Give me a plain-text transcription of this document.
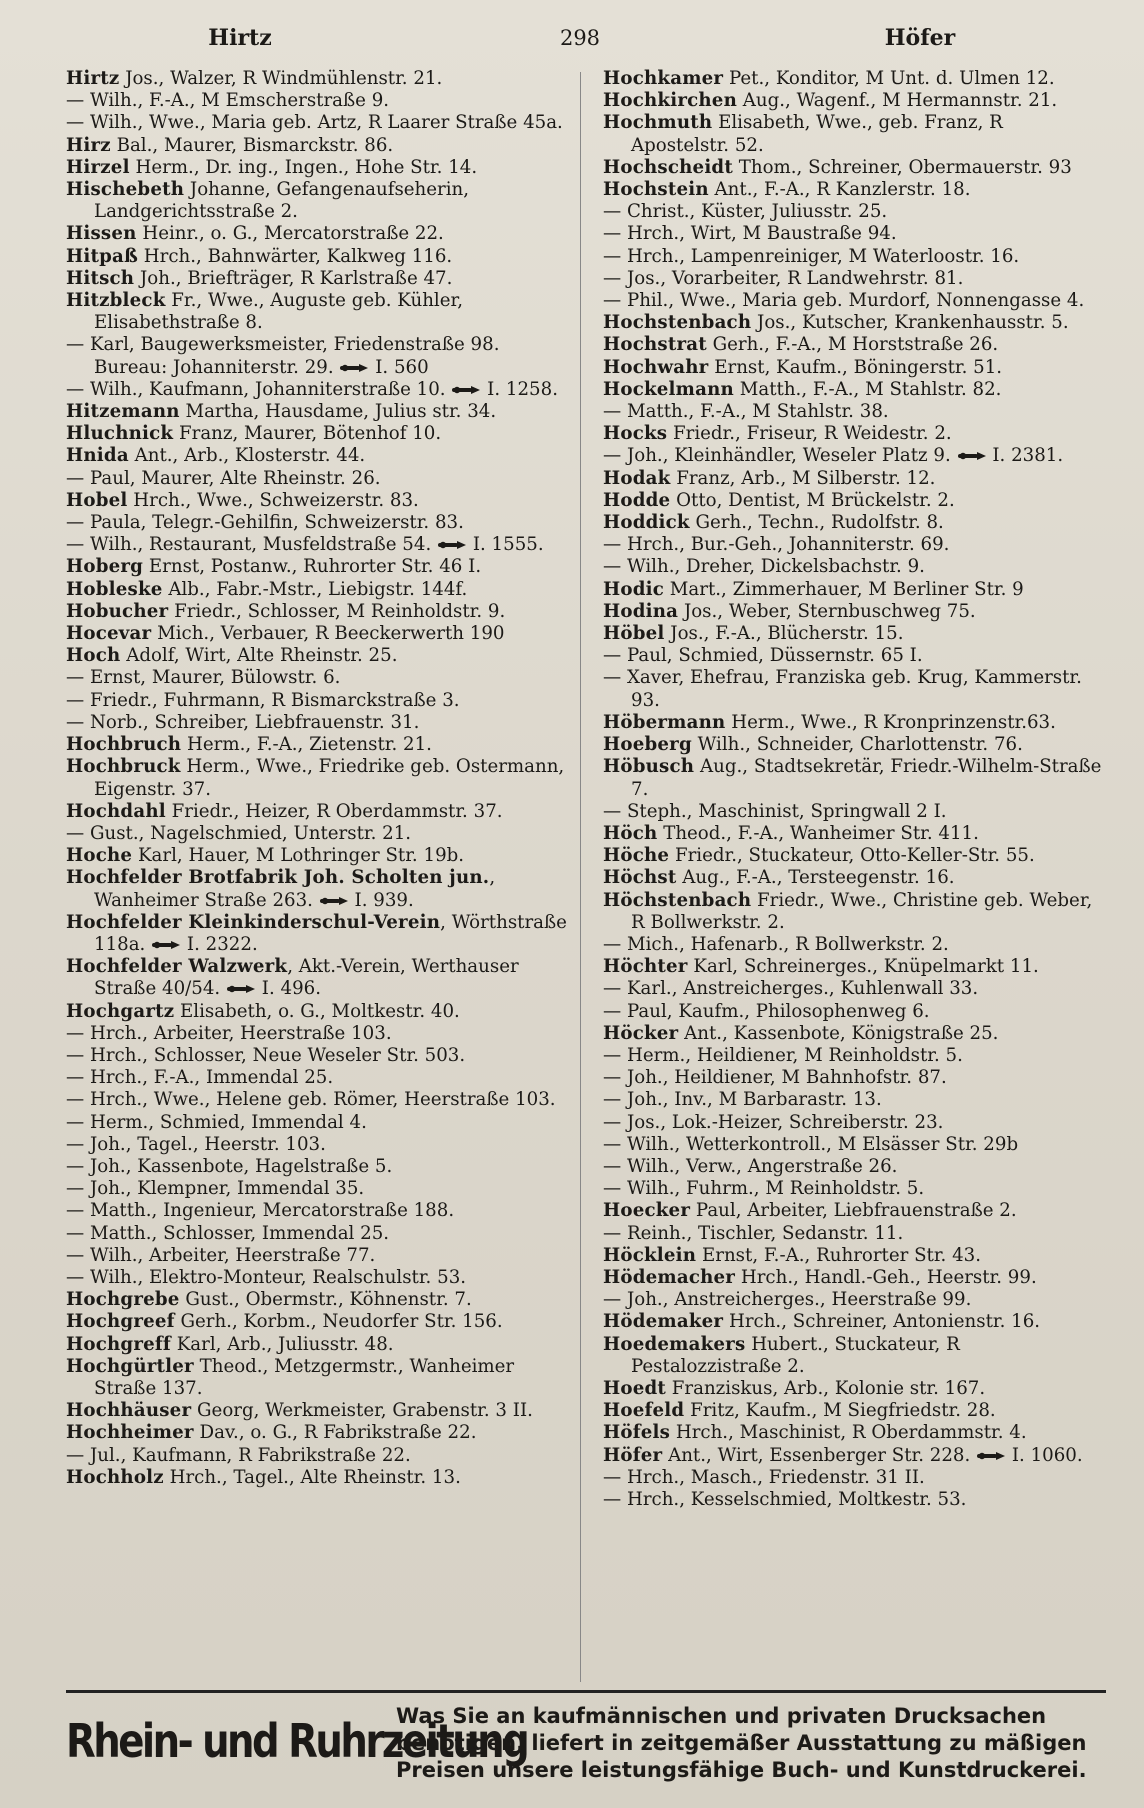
Hirtz	298	Höfer

Hirtz Jos., Walzer, R Windmühlenstr. 21.

— Wilh., F.-A., M Emscherstraße 9.

— Wilh., Wwe., Maria geb. Artz, R Laarer Straße 45a.

Hirz Bal., Maurer, Bismarckstr. 86.

Hirzel Herm., Dr. ing., Ingen., Hohe Str. 14.

Hischebeth Johanne, Gefangenaufseherin, Landgerichtsstraße 2.

Hissen Heinr., o. G., Mercatorstraße 22.

Hitpaß Hrch., Bahnwärter, Kalkweg 116.

Hitsch Joh., Briefträger, R Karlstraße 47.

Hitzbleck Fr., Wwe., Auguste geb. Kühler, Elisabethstraße 8.

— Karl, Baugewerksmeister, Friedenstraße 98. Bureau: Johanniterstr. 29.
I. 560

— Wilh., Kaufmann, Johanniterstraße 10.
I. 1258.

Hitzemann Martha, Hausdame, Julius str. 34.

Hluchnick Franz, Maurer, Bötenhof 10.

Hnida Ant., Arb., Klosterstr. 44.

— Paul, Maurer, Alte Rheinstr. 26.

Hobel Hrch., Wwe., Schweizerstr. 83.

— Paula, Telegr.-Gehilfin, Schweizerstr. 83.

— Wilh., Restaurant, Musfeldstraße 54.
I. 1555.

Hoberg Ernst, Postanw., Ruhrorter Str. 46 I.

Hobleske Alb., Fabr.-Mstr., Liebigstr. 144f.

Hobucher Friedr., Schlosser, M Reinholdstr. 9.

Hocevar Mich., Verbauer, R Beeckerwerth 190

Hoch Adolf, Wirt, Alte Rheinstr. 25.

— Ernst, Maurer, Bülowstr. 6.

— Friedr., Fuhrmann, R Bismarckstraße 3.

— Norb., Schreiber, Liebfrauenstr. 31.

Hochbruch Herm., F.-A., Zietenstr. 21.

Hochbruck Herm., Wwe., Friedrike geb. Ostermann, Eigenstr. 37.

Hochdahl Friedr., Heizer, R Oberdammstr. 37.

— Gust., Nagelschmied, Unterstr. 21.

Hoche Karl, Hauer, M Lothringer Str. 19b.

Hochfelder Brotfabrik Joh. Scholten jun., Wanheimer Straße 263.
I. 939.

Hochfelder Kleinkinderschul-Verein, Wörthstraße 118a.
I. 2322.

Hochfelder Walzwerk, Akt.-Verein, Werthauser Straße 40/54.
I. 496.

Hochgartz Elisabeth, o. G., Moltkestr. 40.

— Hrch., Arbeiter, Heerstraße 103.

— Hrch., Schlosser, Neue Weseler Str. 503.

— Hrch., F.-A., Immendal 25.

— Hrch., Wwe., Helene geb. Römer, Heerstraße 103.

— Herm., Schmied, Immendal 4.

— Joh., Tagel., Heerstr. 103.

— Joh., Kassenbote, Hagelstraße 5.

— Joh., Klempner, Immendal 35.

— Matth., Ingenieur, Mercatorstraße 188.

— Matth., Schlosser, Immendal 25.

— Wilh., Arbeiter, Heerstraße 77.

— Wilh., Elektro-Monteur, Realschulstr. 53.

Hochgrebe Gust., Obermstr., Köhnenstr. 7.

Hochgreef Gerh., Korbm., Neudorfer Str. 156.

Hochgreff Karl, Arb., Juliusstr. 48.

Hochgürtler Theod., Metzgermstr., Wanheimer Straße 137.

Hochhäuser Georg, Werkmeister, Grabenstr. 3 II.

Hochheimer Dav., o. G., R Fabrikstraße 22.

— Jul., Kaufmann, R Fabrikstraße 22.

Hochholz Hrch., Tagel., Alte Rheinstr. 13.

Hochkamer Pet., Konditor, M Unt. d. Ulmen 12.

Hochkirchen Aug., Wagenf., M Hermannstr. 21.

Hochmuth Elisabeth, Wwe., geb. Franz, R Apostelstr. 52.

Hochscheidt Thom., Schreiner, Obermauerstr. 93

Hochstein Ant., F.-A., R Kanzlerstr. 18.

— Christ., Küster, Juliusstr. 25.

— Hrch., Wirt, M Baustraße 94.

— Hrch., Lampenreiniger, M Waterloostr. 16.

— Jos., Vorarbeiter, R Landwehrstr. 81.

— Phil., Wwe., Maria geb. Murdorf, Nonnengasse 4.

Hochstenbach Jos., Kutscher, Krankenhausstr. 5.

Hochstrat Gerh., F.-A., M Horststraße 26.

Hochwahr Ernst, Kaufm., Böningerstr. 51.

Hockelmann Matth., F.-A., M Stahlstr. 82.

— Matth., F.-A., M Stahlstr. 38.

Hocks Friedr., Friseur, R Weidestr. 2.

— Joh., Kleinhändler, Weseler Platz 9.
I. 2381.

Hodak Franz, Arb., M Silberstr. 12.

Hodde Otto, Dentist, M Brückelstr. 2.

Hoddick Gerh., Techn., Rudolfstr. 8.

— Hrch., Bur.-Geh., Johanniterstr. 69.

— Wilh., Dreher, Dickelsbachstr. 9.

Hodic Mart., Zimmerhauer, M Berliner Str. 9

Hodina Jos., Weber, Sternbuschweg 75.

Höbel Jos., F.-A., Blücherstr. 15.

— Paul, Schmied, Düssernstr. 65 I.

— Xaver, Ehefrau, Franziska geb. Krug, Kammerstr. 93.

Höbermann Herm., Wwe., R Kronprinzenstr.63.

Hoeberg Wilh., Schneider, Charlottenstr. 76.

Höbusch Aug., Stadtsekretär, Friedr.-Wilhelm-Straße 7.

— Steph., Maschinist, Springwall 2 I.

Höch Theod., F.-A., Wanheimer Str. 411.

Höche Friedr., Stuckateur, Otto-Keller-Str. 55.

Höchst Aug., F.-A., Tersteegenstr. 16.

Höchstenbach Friedr., Wwe., Christine geb. Weber, R Bollwerkstr. 2.

— Mich., Hafenarb., R Bollwerkstr. 2.

Höchter Karl, Schreinerges., Knüpelmarkt 11.

— Karl., Anstreicherges., Kuhlenwall 33.

— Paul, Kaufm., Philosophenweg 6.

Höcker Ant., Kassenbote, Königstraße 25.

— Herm., Heildiener, M Reinholdstr. 5.

— Joh., Heildiener, M Bahnhofstr. 87.

— Joh., Inv., M Barbarastr. 13.

— Jos., Lok.-Heizer, Schreiberstr. 23.

— Wilh., Wetterkontroll., M Elsässer Str. 29b

— Wilh., Verw., Angerstraße 26.

— Wilh., Fuhrm., M Reinholdstr. 5.

Hoecker Paul, Arbeiter, Liebfrauenstraße 2.

— Reinh., Tischler, Sedanstr. 11.

Höcklein Ernst, F.-A., Ruhrorter Str. 43.

Hödemacher Hrch., Handl.-Geh., Heerstr. 99.

— Joh., Anstreicherges., Heerstraße 99.

Hödemaker Hrch., Schreiner, Antonienstr. 16.

Hoedemakers Hubert., Stuckateur, R Pestalozzistraße 2.

Hoedt Franziskus, Arb., Kolonie str. 167.

Hoefeld Fritz, Kaufm., M Siegfriedstr. 28.

Höfels Hrch., Maschinist, R Oberdammstr. 4.

Höfer Ant., Wirt, Essenberger Str. 228.
I. 1060.

— Hrch., Masch., Friedenstr. 31 II.

— Hrch., Kesselschmied, Moltkestr. 53.

Rhein- und Ruhrzeitung
Was Sie an kaufmännischen und privaten Drucksachen benötigen, liefert in zeitgemäßer Ausstattung zu mäßigen Preisen unsere leistungsfähige Buch- und Kunstdruckerei.
